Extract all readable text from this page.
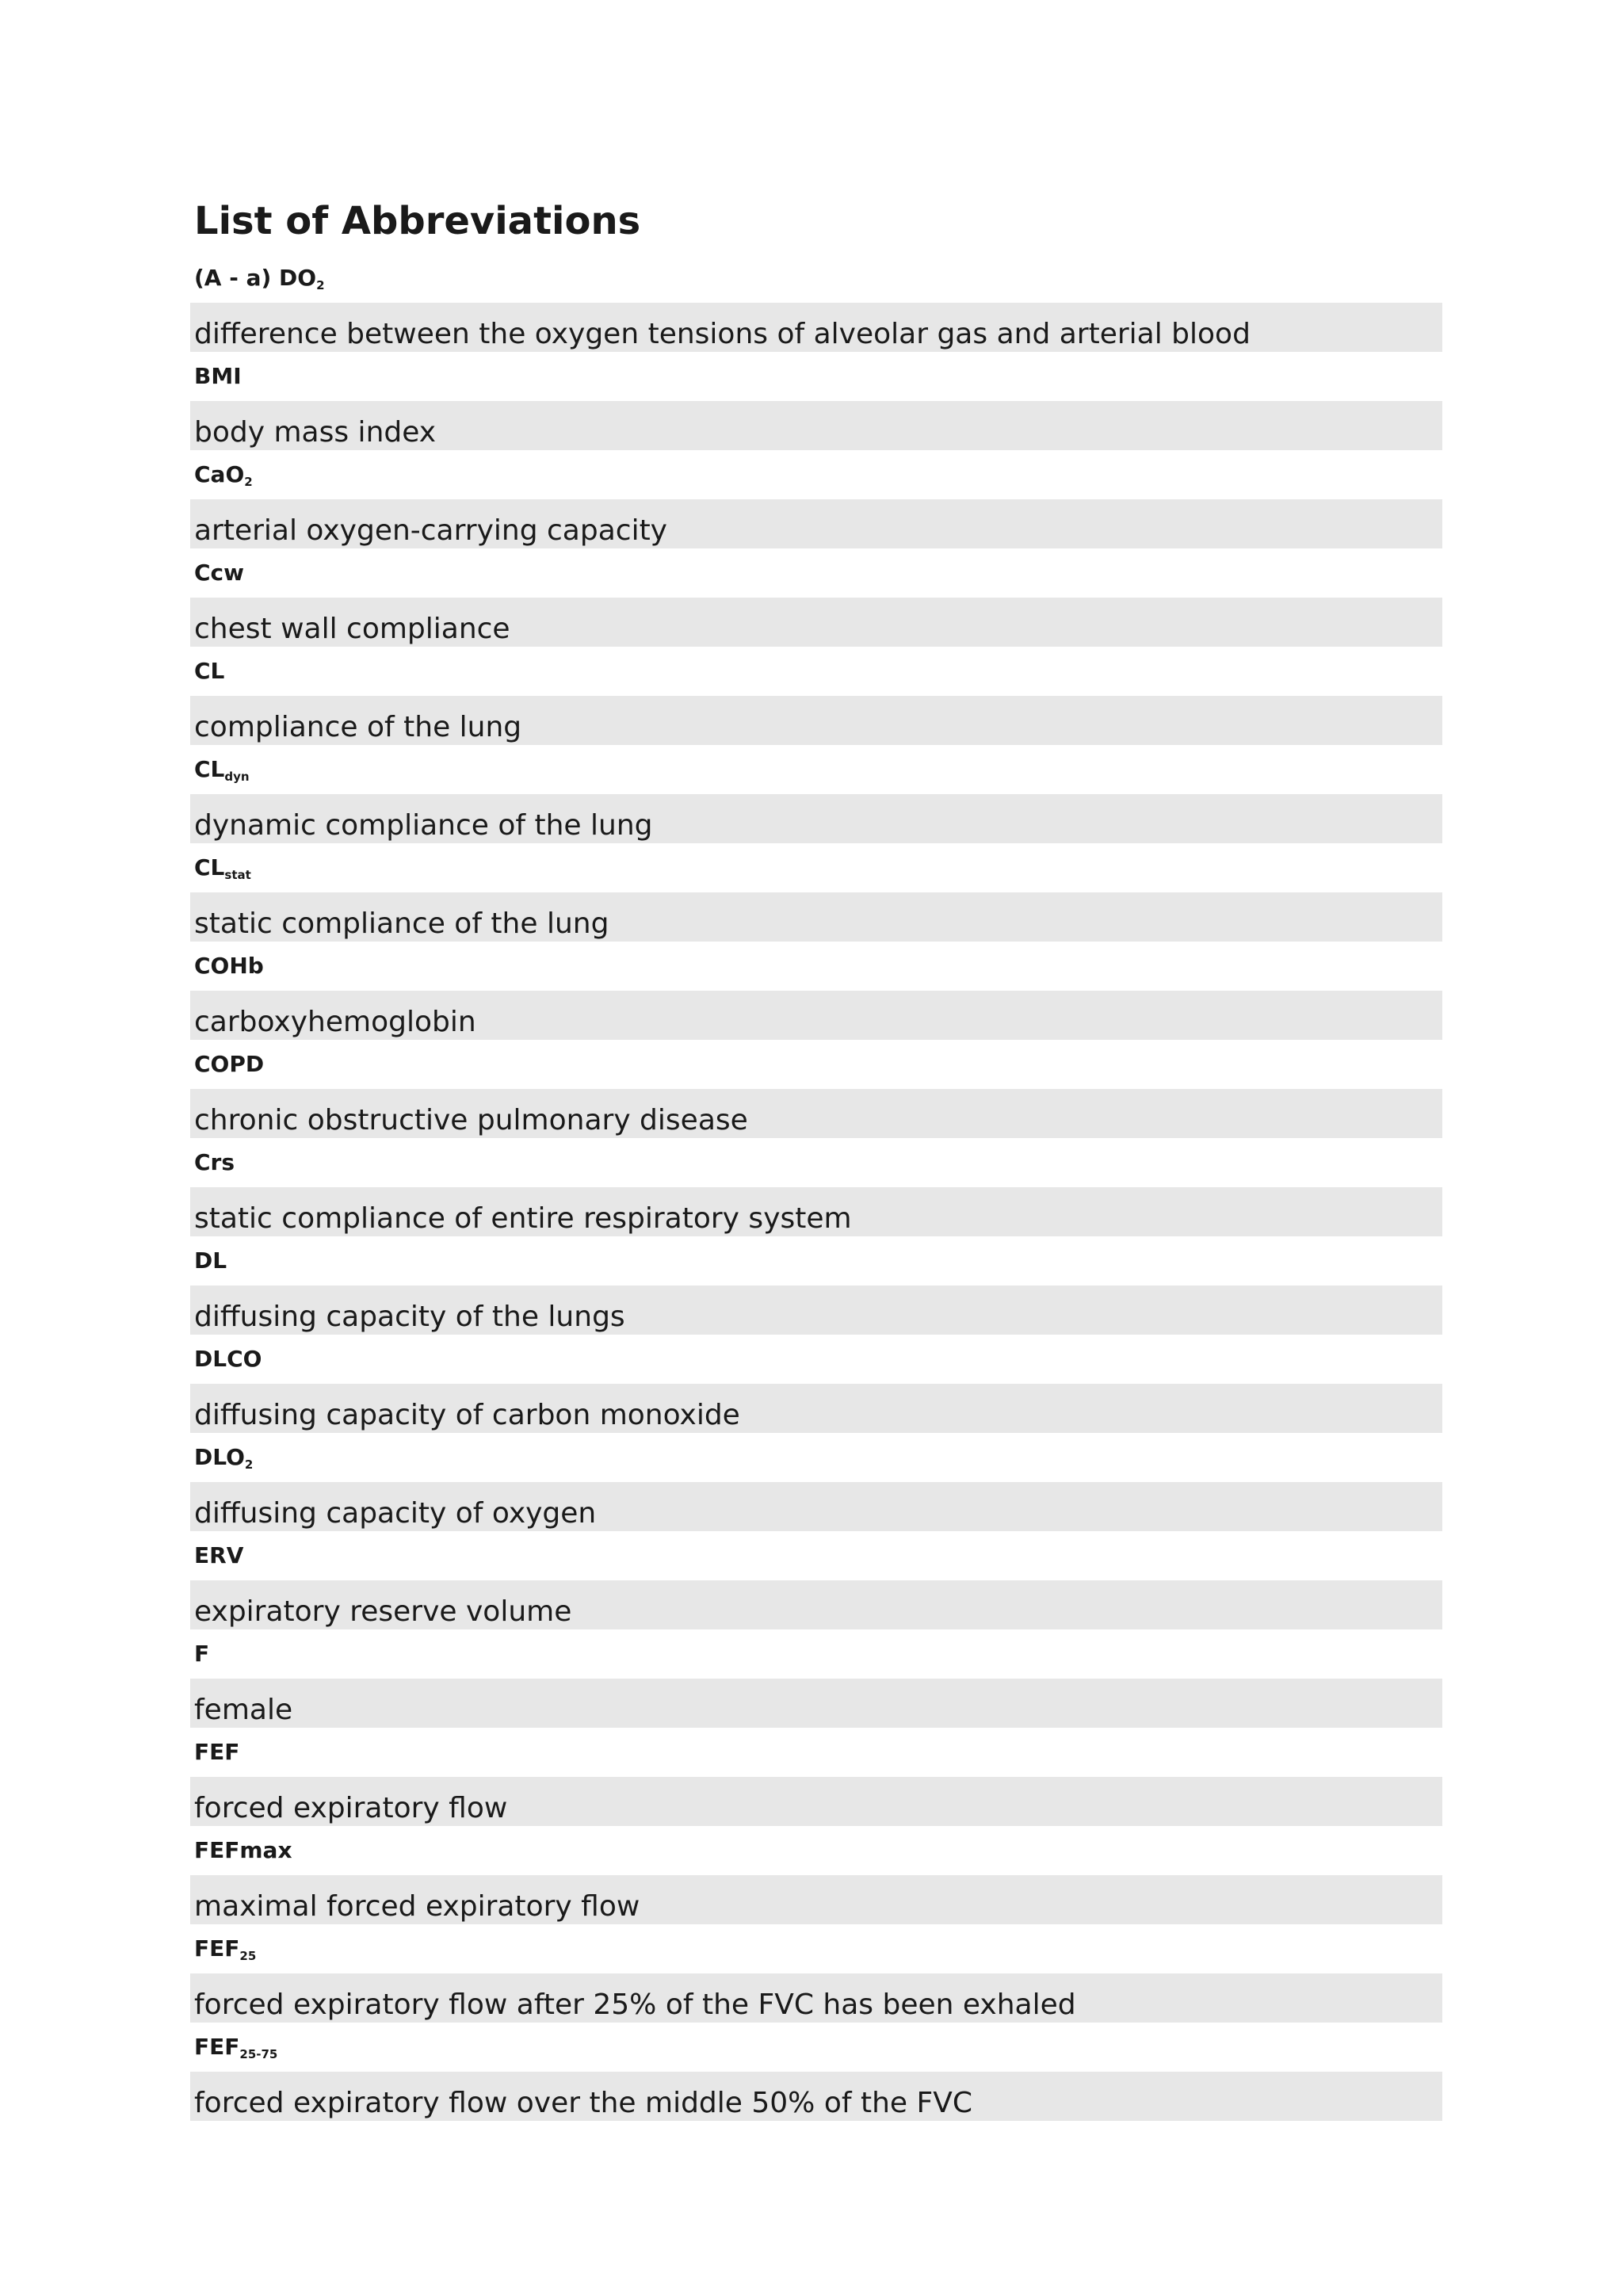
List of Abbreviations
(A - a) $DO_2$
difference between the oxygen tensions of alveolar gas and arterial blood
BMI
body mass index
CaO$_2$
arterial oxygen-carrying capacity
Ccw
chest wall compliance
CL
compliance of the lung
$CL_{dyn}$
dynamic compliance of the lung
$CL_{stat}$
static compliance of the lung
COHb
carboxyhemoglobin
COPD
chronic obstructive pulmonary disease
Crs
static compliance of entire respiratory system
DL
diffusing capacity of the lungs
DLCO
diffusing capacity of carbon monoxide
$DLO_2$
diffusing capacity of oxygen
ERV
expiratory reserve volume
F
female
FEF
forced expiratory flow
FEFmax
maximal forced expiratory flow
$FEF_{25}$
forced expiratory flow after 25% of the FVC has been exhaled
$FEF_{25-75}$
forced expiratory flow over the middle 50% of the FVC
